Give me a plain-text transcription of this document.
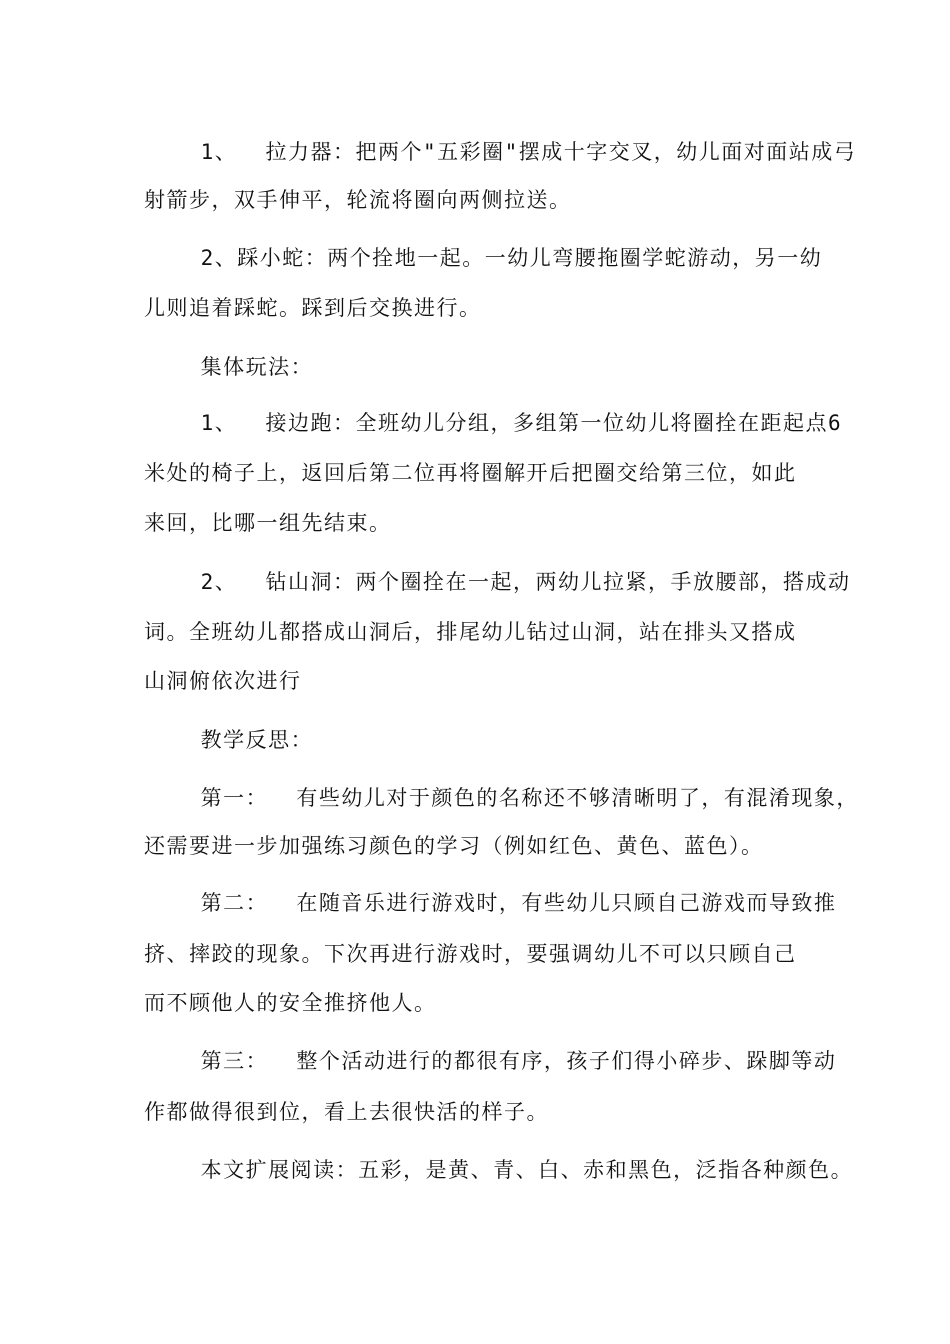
1、  拉力器：把两个"五彩圈"摆成十字交叉，幼儿面对面站成弓
射箭步，双手伸平，轮流将圈向两侧拉送。
2、踩小蛇：两个拴地一起。一幼儿弯腰拖圈学蛇游动，另一幼
儿则追着踩蛇。踩到后交换进行。
集体玩法：
1、  接边跑：全班幼儿分组，多组第一位幼儿将圈拴在距起点6
米处的椅子上，返回后第二位再将圈解开后把圈交给第三位，如此
来回，比哪一组先结束。
2、  钻山洞：两个圈拴在一起，两幼儿拉紧，手放腰部，搭成动
词。全班幼儿都搭成山洞后，排尾幼儿钻过山洞，站在排头又搭成
山洞俯依次进行
教学反思：
第一：  有些幼儿对于颜色的名称还不够清晰明了，有混淆现象，
还需要进一步加强练习颜色的学习（例如红色、黄色、蓝色）。
第二：  在随音乐进行游戏时，有些幼儿只顾自己游戏而导致推
挤、摔跤的现象。下次再进行游戏时，要强调幼儿不可以只顾自己
而不顾他人的安全推挤他人。
第三：  整个活动进行的都很有序，孩子们得小碎步、跺脚等动
作都做得很到位，看上去很快活的样子。
本文扩展阅读：五彩，是黄、青、白、赤和黑色，泛指各种颜色。
